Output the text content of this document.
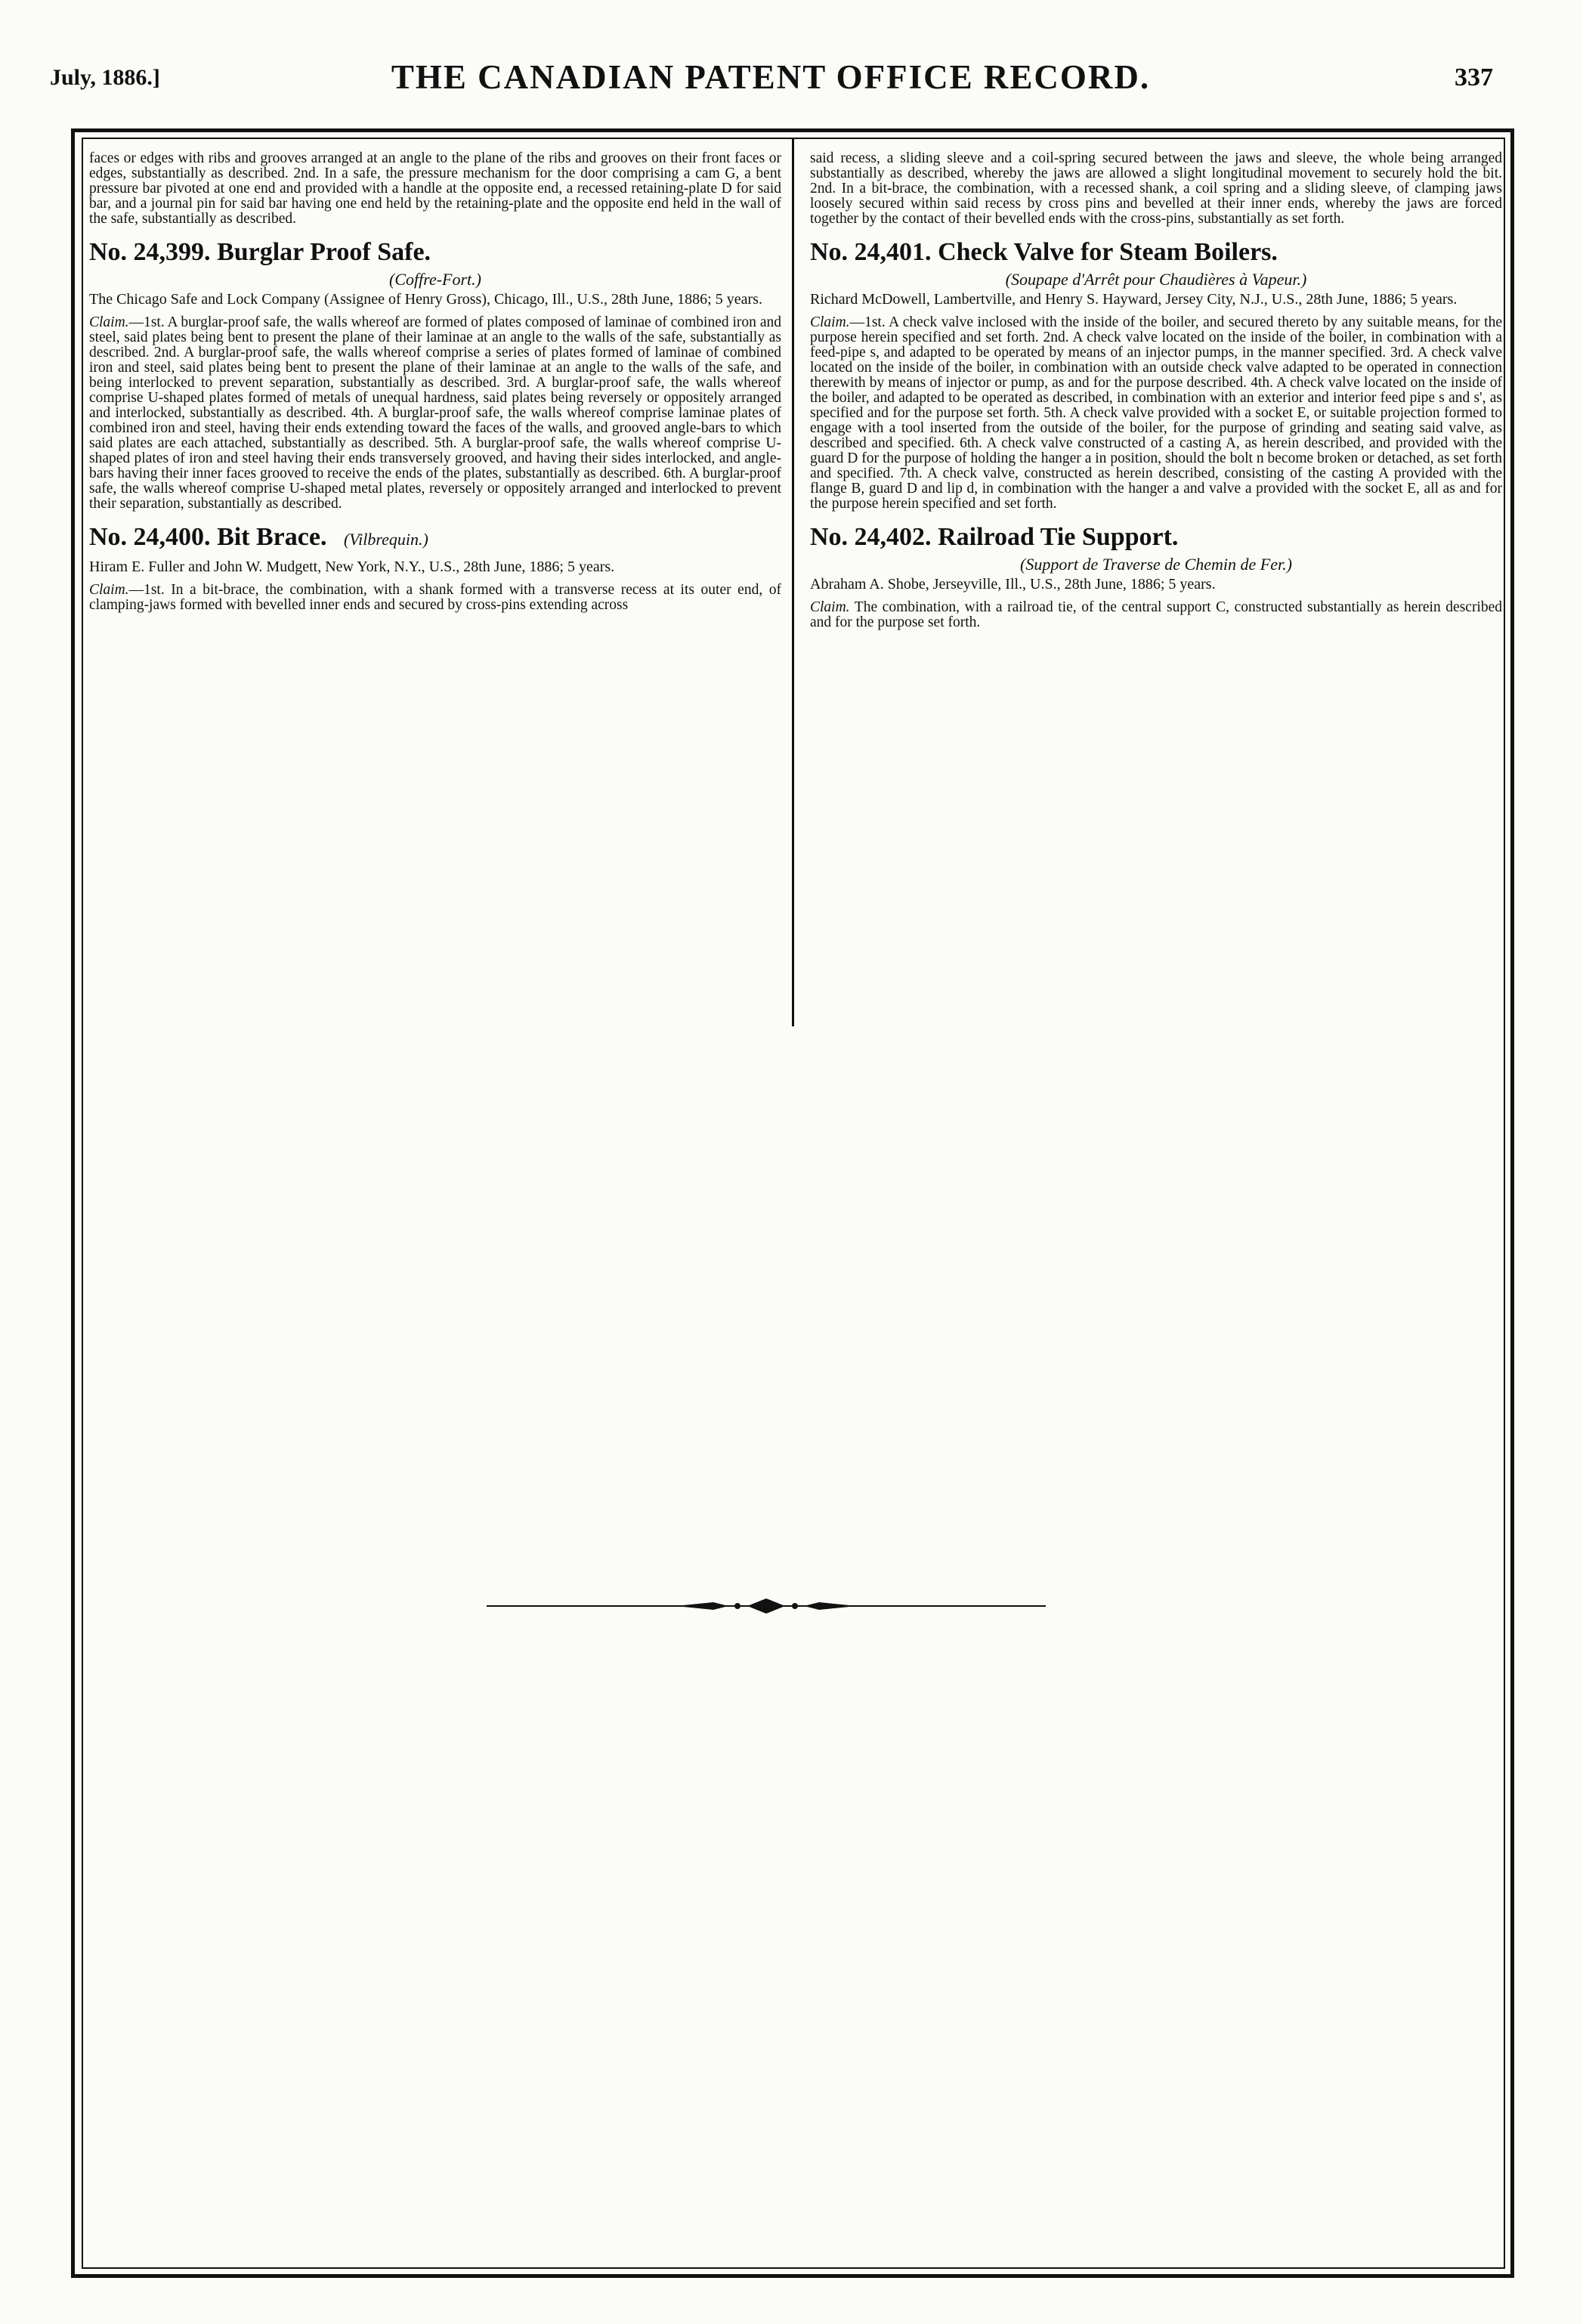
July, 1886.]	THE CANADIAN PATENT OFFICE RECORD.	337

faces or edges with ribs and grooves arranged at an angle to the plane of the ribs and grooves on their front faces or edges, substantially as described. 2nd. In a safe, the pressure mechanism for the door comprising a cam G, a bent pressure bar pivoted at one end and provided with a handle at the opposite end, a recessed retaining-plate D for said bar, and a journal pin for said bar having one end held by the retaining-plate and the opposite end held in the wall of the safe, substantially as described.

No. 24,399. Burglar Proof Safe.
(Coffre-Fort.)

The Chicago Safe and Lock Company (Assignee of Henry Gross), Chicago, Ill., U.S., 28th June, 1886; 5 years.

Claim.—1st. A burglar-proof safe, the walls whereof are formed of plates composed of laminae of combined iron and steel, said plates being bent to present the plane of their laminae at an angle to the walls of the safe, substantially as described. 2nd. A burglar-proof safe, the walls whereof comprise a series of plates formed of laminae of combined iron and steel, said plates being bent to present the plane of their laminae at an angle to the walls of the safe, and being interlocked to prevent separation, substantially as described. 3rd. A burglar-proof safe, the walls whereof comprise U-shaped plates formed of metals of unequal hardness, said plates being reversely or oppositely arranged and interlocked, substantially as described. 4th. A burglar-proof safe, the walls whereof comprise laminae plates of combined iron and steel, having their ends extending toward the faces of the walls, and grooved angle-bars to which said plates are each attached, substantially as described. 5th. A burglar-proof safe, the walls whereof comprise U-shaped plates of iron and steel having their ends transversely grooved, and having their sides interlocked, and angle-bars having their inner faces grooved to receive the ends of the plates, substantially as described. 6th. A burglar-proof safe, the walls whereof comprise U-shaped metal plates, reversely or oppositely arranged and interlocked to prevent their separation, substantially as described.

No. 24,400. Bit Brace. (Vilbrequin.)

Hiram E. Fuller and John W. Mudgett, New York, N.Y., U.S., 28th June, 1886; 5 years.

Claim.—1st. In a bit-brace, the combination, with a shank formed with a transverse recess at its outer end, of clamping-jaws formed with bevelled inner ends and secured by cross-pins extending across

said recess, a sliding sleeve and a coil-spring secured between the jaws and sleeve, the whole being arranged substantially as described, whereby the jaws are allowed a slight longitudinal movement to securely hold the bit. 2nd. In a bit-brace, the combination, with a recessed shank, a coil spring and a sliding sleeve, of clamping jaws loosely secured within said recess by cross pins and bevelled at their inner ends, whereby the jaws are forced together by the contact of their bevelled ends with the cross-pins, substantially as set forth.

No. 24,401. Check Valve for Steam Boilers.
(Soupape d'Arrêt pour Chaudières à Vapeur.)

Richard McDowell, Lambertville, and Henry S. Hayward, Jersey City, N.J., U.S., 28th June, 1886; 5 years.

Claim.—1st. A check valve inclosed with the inside of the boiler, and secured thereto by any suitable means, for the purpose herein specified and set forth. 2nd. A check valve located on the inside of the boiler, in combination with a feed-pipe s, and adapted to be operated by means of an injector pumps, in the manner specified. 3rd. A check valve located on the inside of the boiler, in combination with an outside check valve adapted to be operated in connection therewith by means of injector or pump, as and for the purpose described. 4th. A check valve located on the inside of the boiler, and adapted to be operated as described, in combination with an exterior and interior feed pipe s and s', as specified and for the purpose set forth. 5th. A check valve provided with a socket E, or suitable projection formed to engage with a tool inserted from the outside of the boiler, for the purpose of grinding and seating said valve, as described and specified. 6th. A check valve constructed of a casting A, as herein described, and provided with the guard D for the purpose of holding the hanger a in position, should the bolt n become broken or detached, as set forth and specified. 7th. A check valve, constructed as herein described, consisting of the casting A provided with the flange B, guard D and lip d, in combination with the hanger a and valve a provided with the socket E, all as and for the purpose herein specified and set forth.

No. 24,402. Railroad Tie Support.
(Support de Traverse de Chemin de Fer.)

Abraham A. Shobe, Jerseyville, Ill., U.S., 28th June, 1886; 5 years.

Claim. The combination, with a railroad tie, of the central support C, constructed substantially as herein described and for the purpose set forth.
